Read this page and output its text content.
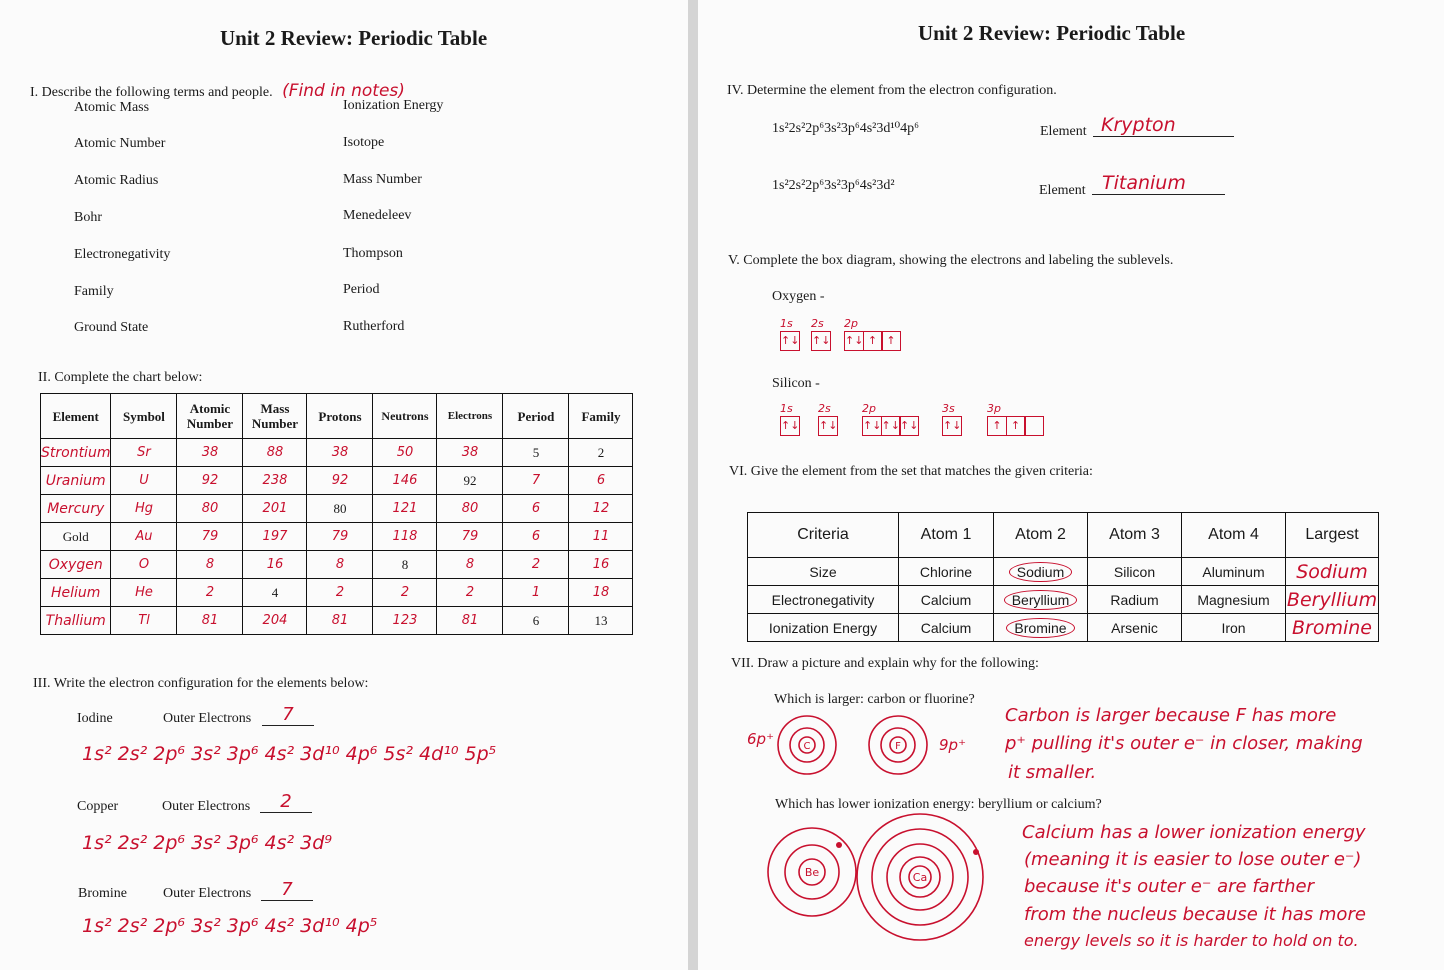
Unit 2 Review: Periodic Table
I. Describe the following terms and people. (Find in notes)
Atomic Mass
Atomic Number
Atomic Radius
Bohr
Electronegativity
Family
Ground State
Ionization Energy
Isotope
Mass Number
Menedeleev
Thompson
Period
Rutherford
II. Complete the chart below:
Element	Symbol	Atomic Number	Mass Number	Protons	Neutrons	Electrons	Period	Family
Strontium	Sr	38	88	38	50	38	5	2
Uranium	U	92	238	92	146	92	7	6
Mercury	Hg	80	201	80	121	80	6	12
Gold	Au	79	197	79	118	79	6	11
Oxygen	O	8	16	8	8	8	2	16
Helium	He	2	4	2	2	2	1	18
Thallium	Tl	81	204	81	123	81	6	13
III. Write the electron configuration for the elements below:
Iodine	Outer Electrons	7
1s² 2s² 2p⁶ 3s² 3p⁶ 4s² 3d¹⁰ 4p⁶ 5s² 4d¹⁰ 5p⁵
Copper	Outer Electrons	2
1s² 2s² 2p⁶ 3s² 3p⁶ 4s² 3d⁹
Bromine	Outer Electrons	7
1s² 2s² 2p⁶ 3s² 3p⁶ 4s² 3d¹⁰ 4p⁵
Unit 2 Review: Periodic Table
IV. Determine the element from the electron configuration.
1s²2s²2p⁶3s²3p⁶4s²3d¹⁰4p⁶	Element Krypton
1s²2s²2p⁶3s²3p⁶4s²3d²	Element Titanium
V. Complete the box diagram, showing the electrons and labeling the sublevels.
Oxygen -
1s
↑↓
2s
↑↓
2p
↑↓ ↑ ↑
Silicon -
1s
↑↓
2s
↑↓
2p
↑↓↑↓↑↓
3s
↑↓
3p
↑ ↑
VI. Give the element from the set that matches the given criteria:
Criteria	Atom 1	Atom 2	Atom 3	Atom 4	Largest
Size	Chlorine	Sodium	Silicon	Aluminum	Sodium
Electronegativity	Calcium	Beryllium	Radium	Magnesium	Beryllium
Ionization Energy	Calcium	Bromine	Arsenic	Iron	Bromine
VII. Draw a picture and explain why for the following:
Which is larger: carbon or fluorine?
C	F
6p⁺	9p⁺
Carbon is larger because F has more
p⁺ pulling it's outer e⁻ in closer, making
it smaller.
Which has lower ionization energy: beryllium or calcium?
Be	Ca
Calcium has a lower ionization energy
(meaning it is easier to lose outer e⁻)
because it's outer e⁻ are farther
from the nucleus because it has more
energy levels so it is harder to hold on to.
